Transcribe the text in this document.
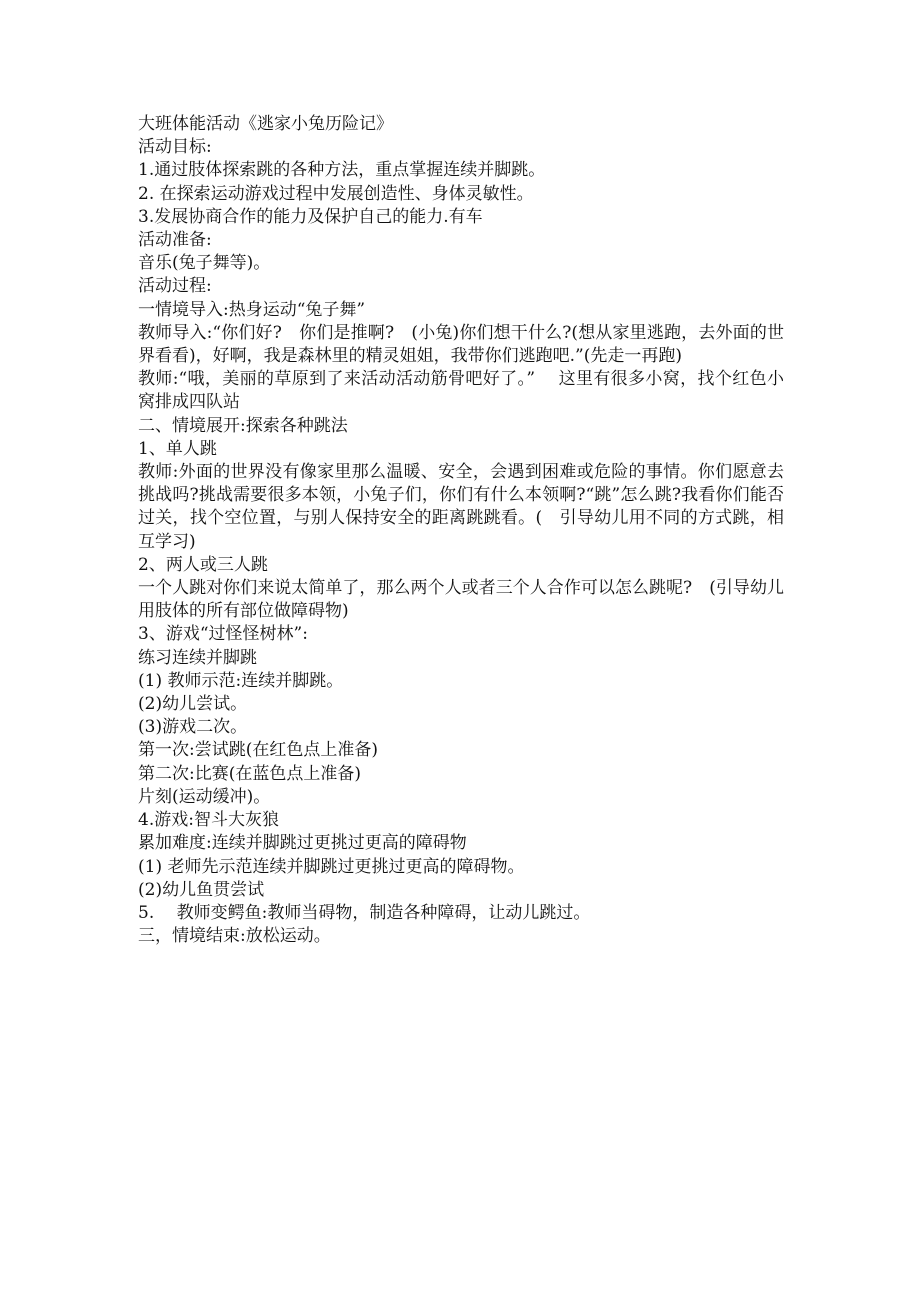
大班体能活动《逃家小兔历险记》

活动目标:

1.通过肢体探索跳的各种方法，重点掌握连续并脚跳。

2. 在探索运动游戏过程中发展创造性、身体灵敏性。

3.发展协商合作的能力及保护自己的能力.有车

活动准备:

音乐(兔子舞等)。

活动过程:

一情境导入:热身运动“兔子舞”

教师导入:“你们好?　你们是推啊?　(小兔)你们想干什么?(想从家里逃跑，去外面的世界看看)，好啊，我是森林里的精灵姐姐，我带你们逃跑吧.”(先走一再跑)

教师:“哦，美丽的草原到了来活动活动筋骨吧好了。”　 这里有很多小窝，找个红色小窝排成四队站

二、情境展开:探索各种跳法

1、单人跳

教师:外面的世界没有像家里那么温暖、安全，会遇到困难或危险的事情。你们愿意去挑战吗?挑战需要很多本领，小兔子们，你们有什么本领啊?“跳”怎么跳?我看你们能否过关，找个空位置，与别人保持安全的距离跳跳看。(　引导幼儿用不同的方式跳，相互学习)

2、两人或三人跳

一个人跳对你们来说太简单了，那么两个人或者三个人合作可以怎么跳呢?　(引导幼儿用肢体的所有部位做障碍物)

3、游戏“过怪怪树林”:

练习连续并脚跳

(1) 教师示范:连续并脚跳。

(2)幼儿尝试。

(3)游戏二次。

第一次:尝试跳(在红色点上准备)

第二次:比赛(在蓝色点上准备)

片刻(运动缓冲)。

4.游戏:智斗大灰狼

累加难度:连续并脚跳过更挑过更高的障碍物

(1) 老师先示范连续并脚跳过更挑过更高的障碍物。

(2)幼儿鱼贯尝试

5.　 教师变鳄鱼:教师当碍物，制造各种障碍，让动儿跳过。

三，情境结束:放松运动。
